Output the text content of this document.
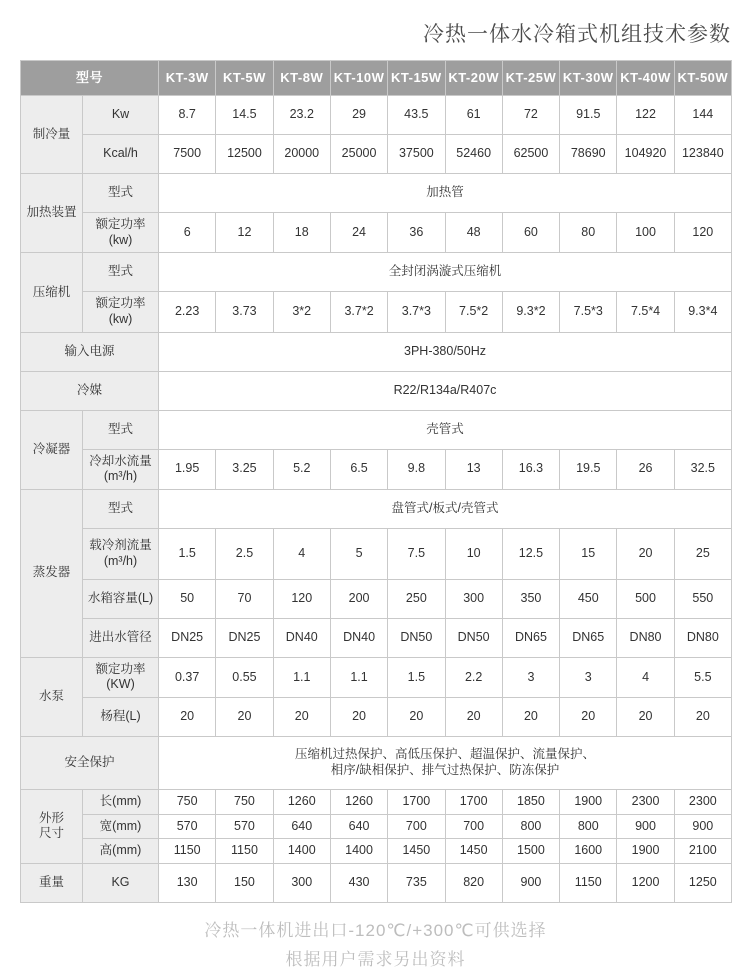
冷热一体水冷箱式机组技术参数
型号		KT-3W	KT-5W	KT-8W	KT-10W	KT-15W	KT-20W	KT-25W	KT-30W	KT-40W	KT-50W
制冷量	Kw	8.7	14.5	23.2	29	43.5	61	72	91.5	122	144
	Kcal/h	7500	12500	20000	25000	37500	52460	62500	78690	104920	123840
加热装置	型式	加热管									
	额定功率(kw)	6	12	18	24	36	48	60	80	100	120
压缩机	型式	全封闭涡漩式压缩机									
	额定功率(kw)	2.23	3.73	3*2	3.7*2	3.7*3	7.5*2	9.3*2	7.5*3	7.5*4	9.3*4
输入电源		3PH-380/50Hz									
冷媒		R22/R134a/R407c									
冷凝器	型式	壳管式									
	冷却水流量(m³/h)	1.95	3.25	5.2	6.5	9.8	13	16.3	19.5	26	32.5
蒸发器	型式	盘管式/板式/壳管式									

	载冷剂流量
(m³/h)	1.5	2.5	4	5	7.5	10	12.5	15	20	25
	水箱容量(L)	50	70	120	200	250	300	350	450	500	550
	进出水管径	DN25	DN25	DN40	DN40	DN50	DN50	DN65	DN65	DN80	DN80
水泵	额定功率(KW)	0.37	0.55	1.1	1.1	1.5	2.2	3	3	4	5.5
	杨程(L)	20	20	20	20	20	20	20	20	20	20
安全保护		压缩机过热保护、高低压保护、超温保护、流量保护、
相序/缺相保护、排气过热保护、防冻保护									

外形
尺寸	长(mm)	750	750	1260	1260	1700	1700	1850	1900	2300	2300
	宽(mm)	570	570	640	640	700	700	800	800	900	900
	高(mm)	1150	1150	1400	1400	1450	1450	1500	1600	1900	2100
重量	KG	130	150	300	430	735	820	900	1150	1200	1250
冷热一体机进出口-120℃/+300℃可供选择
根据用户需求另出资料
